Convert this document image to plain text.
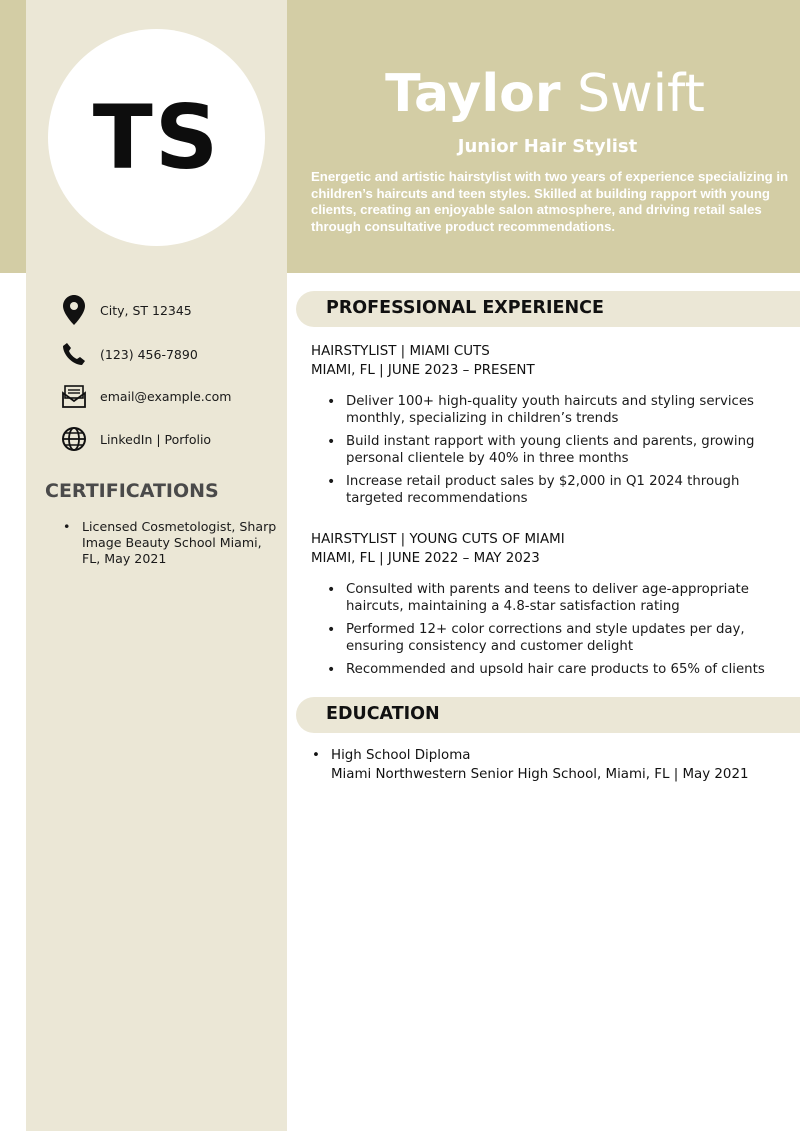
TS	Taylor Swift
Junior Hair Stylist
Energetic and artistic hairstylist with two years of experience specializing in children’s haircuts and teen styles. Skilled at building rapport with young clients, creating an enjoyable salon atmosphere, and driving retail sales through consultative product recommendations.
City, ST 12345
(123) 456-7890
email@example.com
LinkedIn | Porfolio
CERTIFICATIONS
• Licensed Cosmetologist, Sharp Image Beauty School Miami, FL, May 2021
PROFESSIONAL EXPERIENCE
HAIRSTYLIST | MIAMI CUTS
MIAMI, FL | JUNE 2023 – PRESENT
• Deliver 100+ high-quality youth haircuts and styling services monthly, specializing in children’s trends
• Build instant rapport with young clients and parents, growing personal clientele by 40% in three months
• Increase retail product sales by $2,000 in Q1 2024 through targeted recommendations
HAIRSTYLIST | YOUNG CUTS OF MIAMI
MIAMI, FL | JUNE 2022 – MAY 2023
• Consulted with parents and teens to deliver age-appropriate haircuts, maintaining a 4.8-star satisfaction rating
• Performed 12+ color corrections and style updates per day, ensuring consistency and customer delight
• Recommended and upsold hair care products to 65% of clients
EDUCATION
• High School Diploma
Miami Northwestern Senior High School, Miami, FL | May 2021
